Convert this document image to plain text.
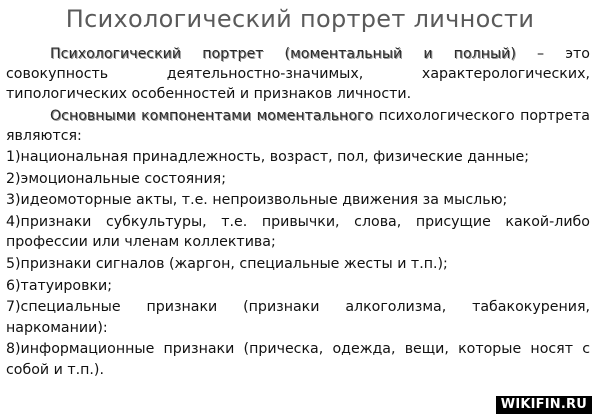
Психологический портрет личности

Психологический портрет (моментальный и полный) – это совокупность деятельностно-значимых, характерологических, типологических особенностей и признаков личности.

Основными компонентами моментального психологического портрета являются:

1)национальная принадлежность, возраст, пол, физические данные;

2)эмоциональные состояния;

3)идеомоторные акты, т.е. непроизвольные движения за мыслью;

4)признаки субкультуры, т.е. привычки, слова, присущие какой-либо профессии или членам коллектива;

5)признаки сигналов (жаргон, специальные жесты и т.п.);

6)татуировки;

7)специальные признаки (признаки алкоголизма, табакокурения, наркомании):

8)информационные признаки (прическа, одежда, вещи, которые носят с собой и т.п.).

WIKIFIN.RU
